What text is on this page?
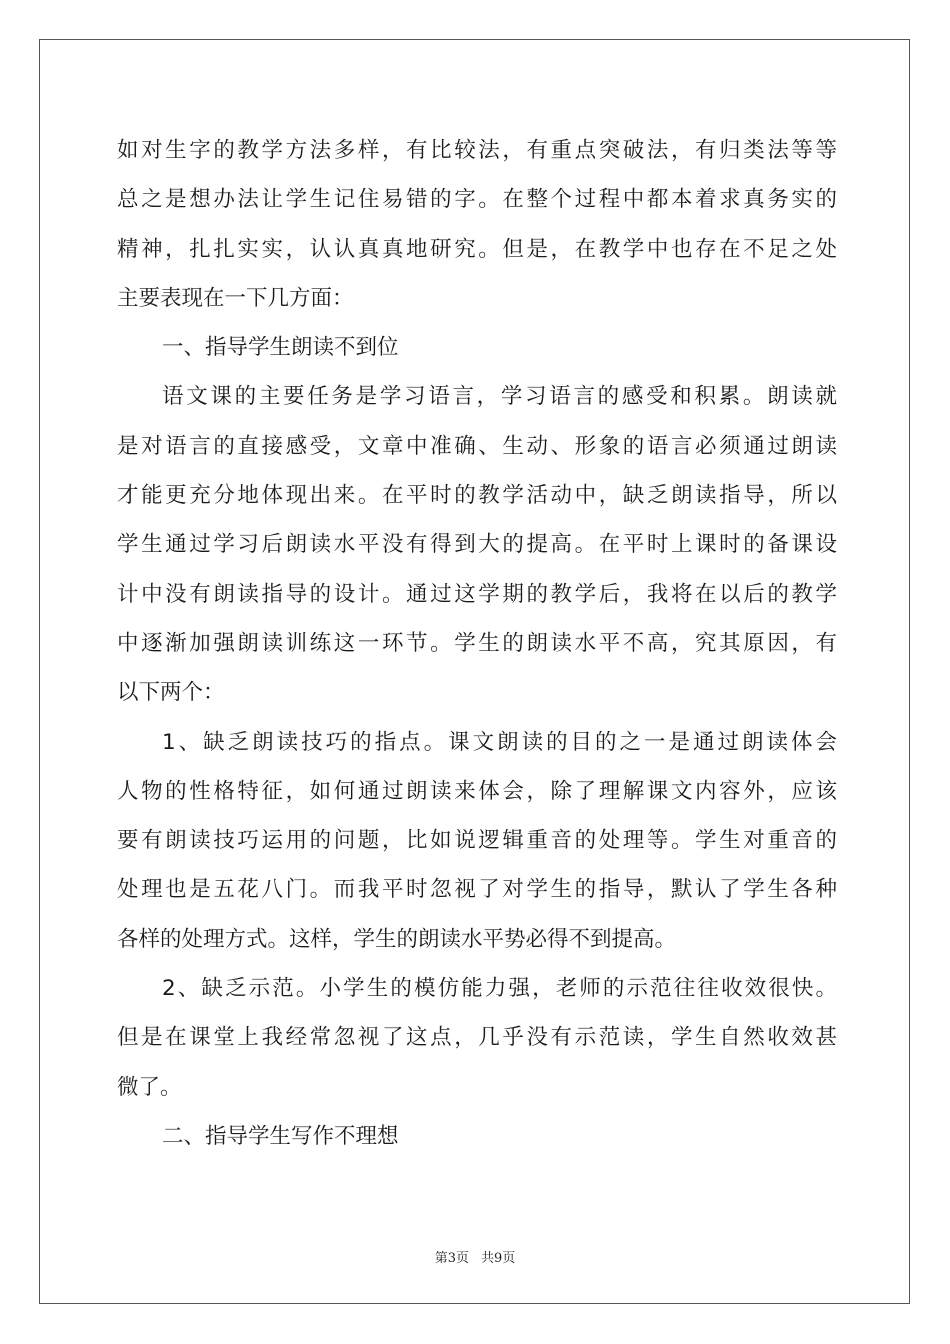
如对生字的教学方法多样，有比较法，有重点突破法，有归类法等等
总之是想办法让学生记住易错的字。在整个过程中都本着求真务实的
精神，扎扎实实，认认真真地研究。但是，在教学中也存在不足之处
主要表现在一下几方面：
一、指导学生朗读不到位
语文课的主要任务是学习语言，学习语言的感受和积累。朗读就
是对语言的直接感受，文章中准确、生动、形象的语言必须通过朗读
才能更充分地体现出来。在平时的教学活动中，缺乏朗读指导，所以
学生通过学习后朗读水平没有得到大的提高。在平时上课时的备课设
计中没有朗读指导的设计。通过这学期的教学后，我将在以后的教学
中逐渐加强朗读训练这一环节。学生的朗读水平不高，究其原因，有
以下两个：
1、缺乏朗读技巧的指点。课文朗读的目的之一是通过朗读体会
人物的性格特征，如何通过朗读来体会，除了理解课文内容外，应该
要有朗读技巧运用的问题，比如说逻辑重音的处理等。学生对重音的
处理也是五花八门。而我平时忽视了对学生的指导，默认了学生各种
各样的处理方式。这样，学生的朗读水平势必得不到提高。
2、缺乏示范。小学生的模仿能力强，老师的示范往往收效很快。
但是在课堂上我经常忽视了这点，几乎没有示范读，学生自然收效甚
微了。
二、指导学生写作不理想
第3页 共9页
